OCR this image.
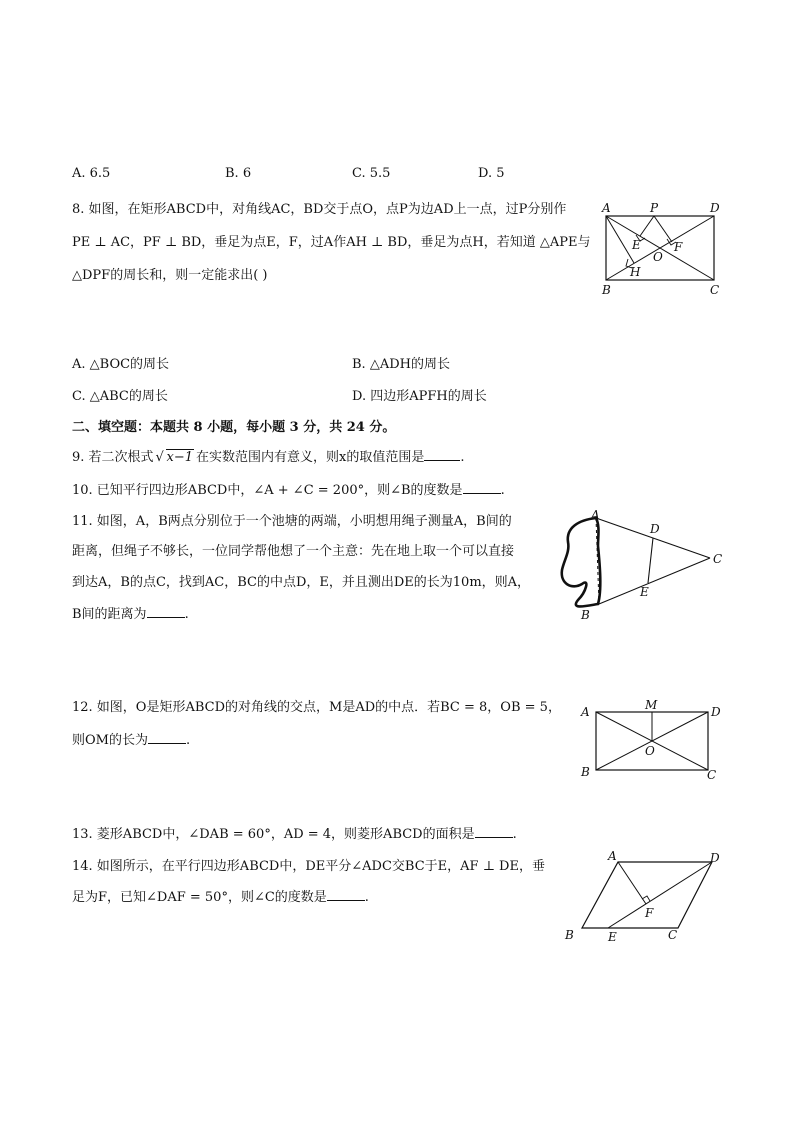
A. 6.5	B. 6	C. 5.5	D. 5
8. 如图，在矩形ABCD中，对角线AC，BD交于点O，点P为边AD上一点，过P分别作
PE ⊥ AC，PF ⊥ BD，垂足为点E，F，过A作AH ⊥ BD，垂足为点H，若知道 △APE与
△DPF的周长和，则一定能求出( )
A	P	D
E	F
O
H
B	C
A. △BOC的周长	B. △ADH的周长
C. △ABC的周长	D. 四边形APFH的周长
二、填空题：本题共 8 小题，每小题 3 分，共 24 分。
9. 若二次根式 √ x−1 在实数范围内有意义，则x的取值范围是	.
10. 已知平行四边形ABCD中，∠A + ∠C = 200°，则∠B的度数是	.
11. 如图，A，B两点分别位于一个池塘的两端，小明想用绳子测量A，B间的
距离，但绳子不够长，一位同学帮他想了一个主意：先在地上取一个可以直接
到达A，B的点C，找到AC，BC的中点D，E，并且测出DE的长为10m，则A，
B间的距离为	.
A
D
C
E
B
12. 如图，O是矩形ABCD的对角线的交点，M是AD的中点．若BC = 8，OB = 5，
则OM的长为	.
A	M	D
O
B	C
13. 菱形ABCD中，∠DAB = 60°，AD = 4，则菱形ABCD的面积是	.
14. 如图所示，在平行四边形ABCD中，DE平分∠ADC交BC于E，AF ⊥ DE，垂
足为F，已知∠DAF = 50°，则∠C的度数是	.
A	D
F
B	E	C
